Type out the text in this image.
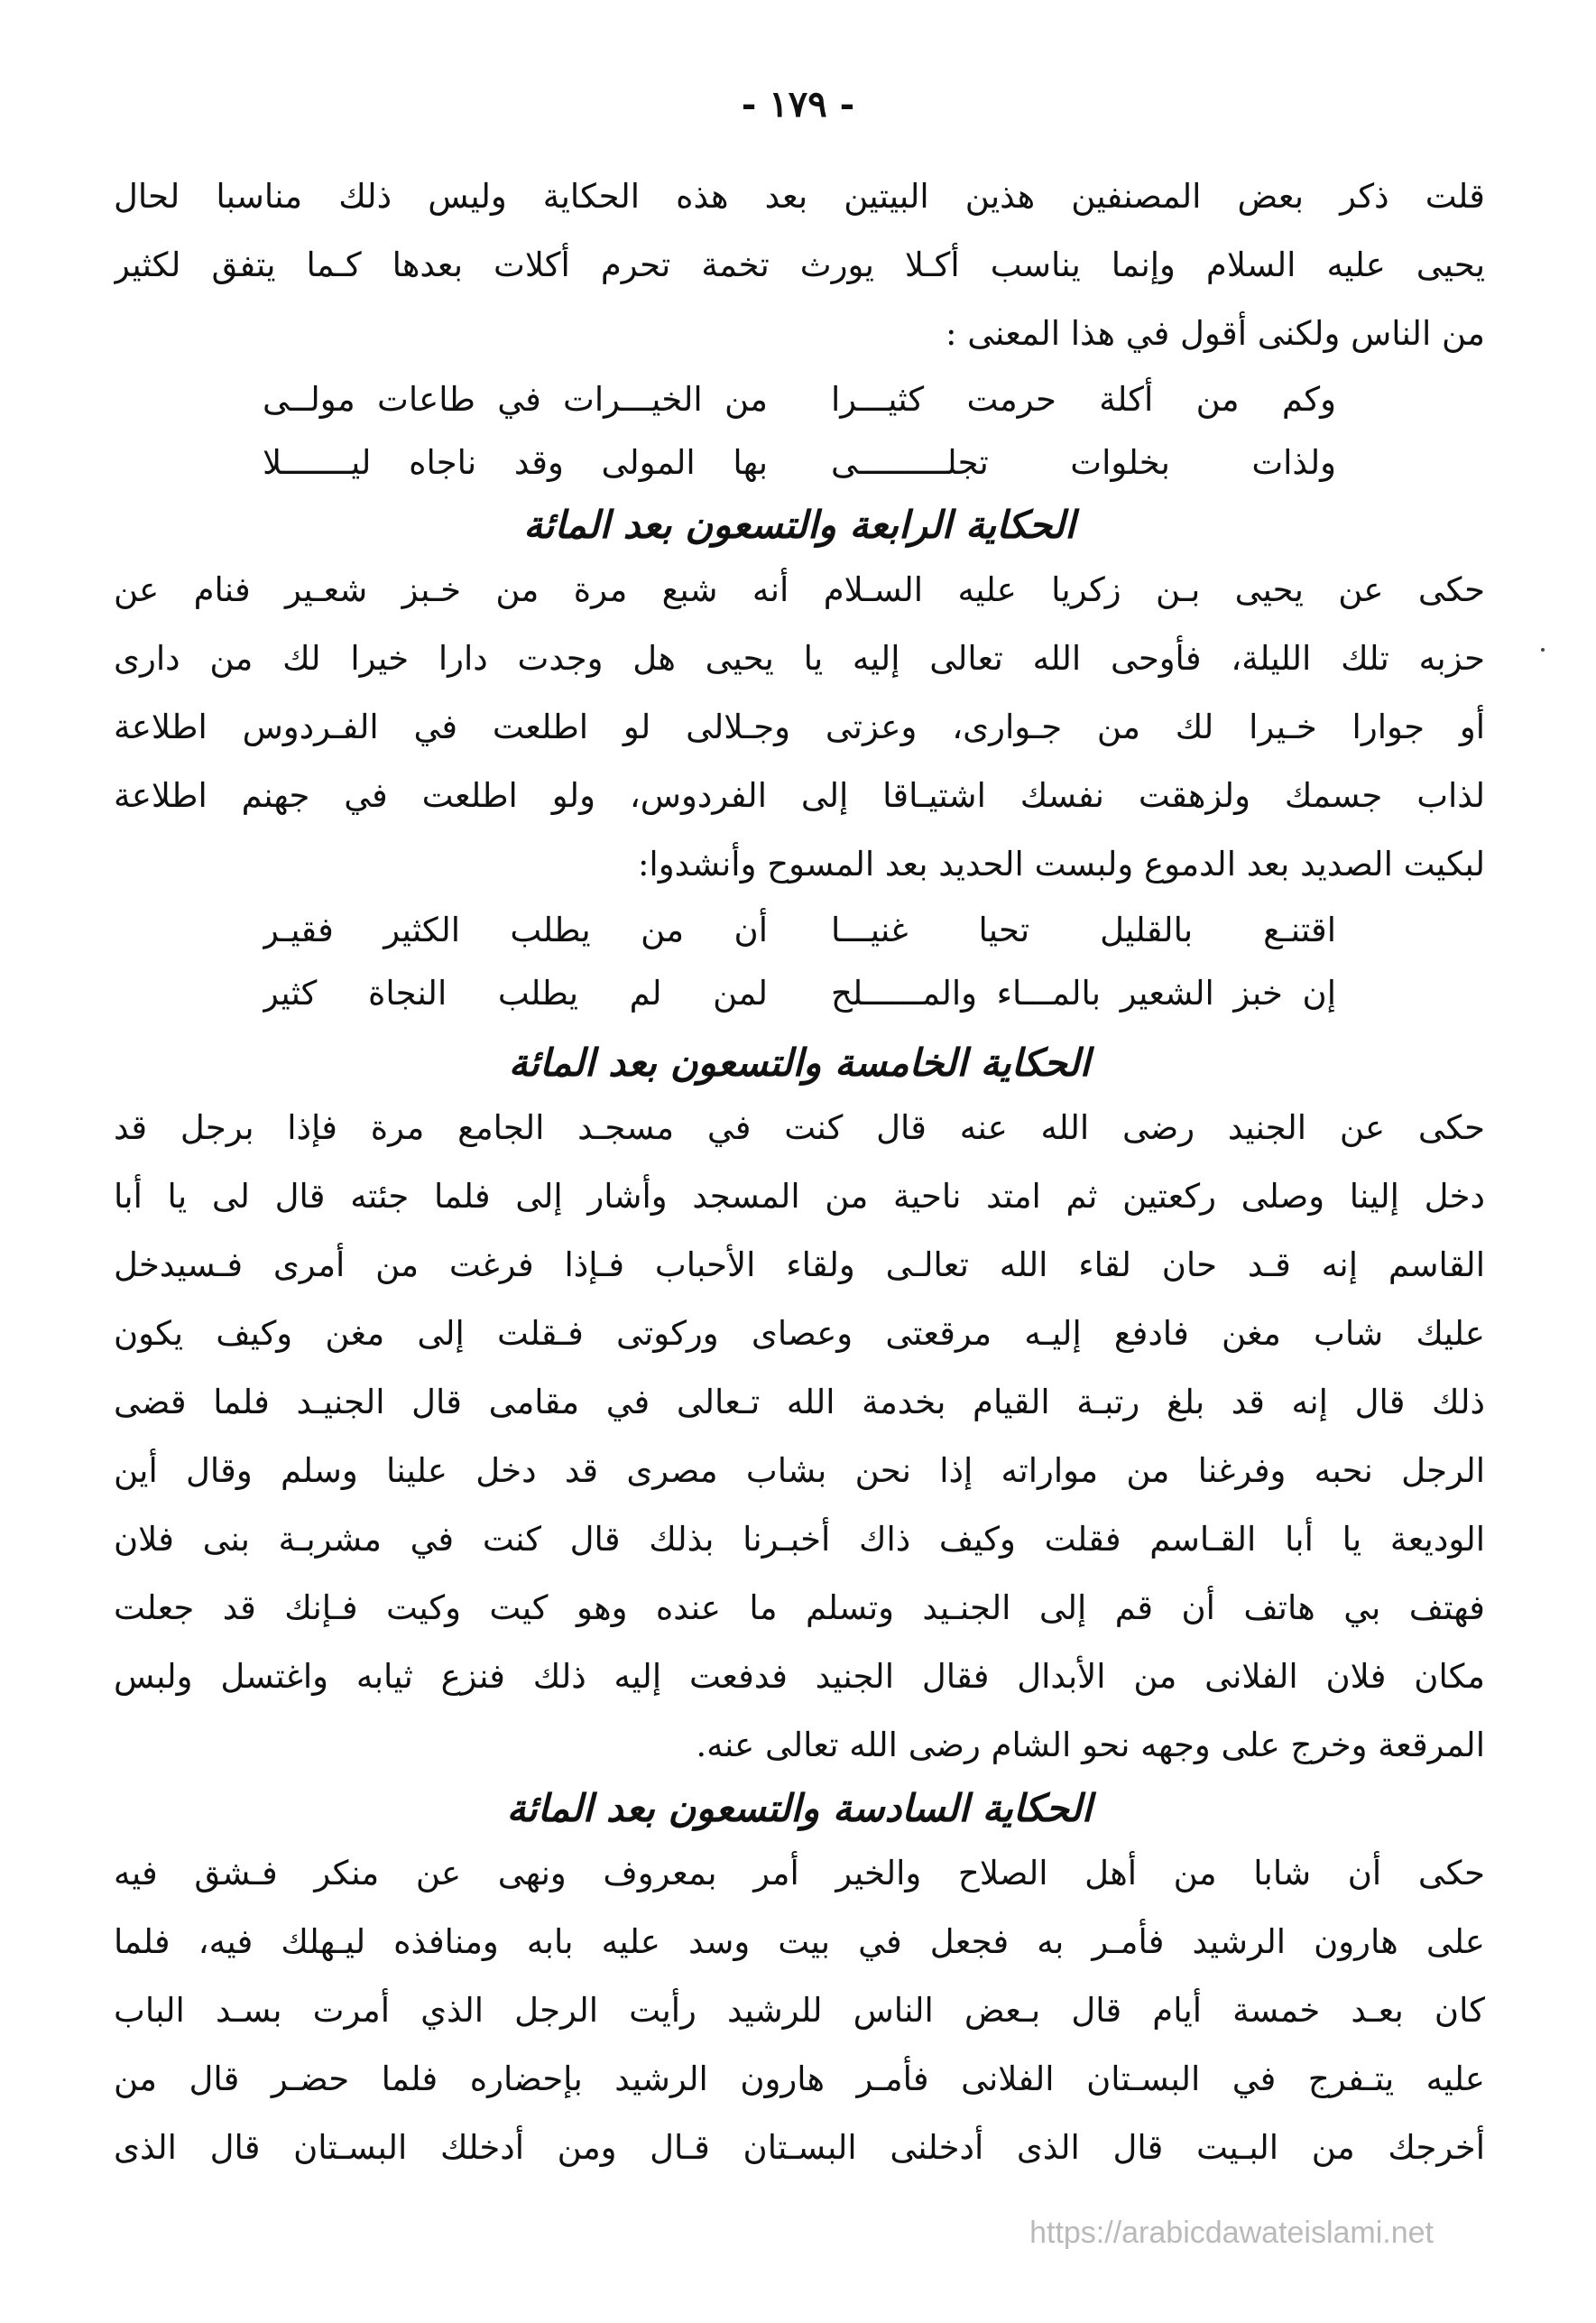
- ١٧٩ -
قلت ذكر بعض المصنفين هذين البيتين بعد هذه الحكاية وليس ذلك مناسبا لحال
يحيى عليه السلام وإنما يناسب أكـلا يورث تخمة تحرم أكلات بعدها كـما يتفق لكثير
من الناس ولكنى أقول في هذا المعنى :
وكم من أكلة حرمت كثيـــرا
من الخيـــرات في طاعات مولــى
ولذات بخلوات تجلـــــــــى
بها المولى وقد ناجاه ليـــــــلا
الحكاية الرابعة والتسعون بعد المائة
حكى عن يحيى بـن زكريا عليه السـلام أنه شبع مرة من خـبز شعـير فنام عن
حزبه تلك الليلة، فأوحى الله تعالى إليه يا يحيى هل وجدت دارا خيرا لك من دارى
أو جوارا خـيرا لك من جـوارى، وعزتى وجـلالى لو اطلعت في الفـردوس اطلاعة
لذاب جسمك ولزهقت نفسك اشتيـاقا إلى الفردوس، ولو اطلعت في جهنم اطلاعة
لبكيت الصديد بعد الدموع ولبست الحديد بعد المسوح وأنشدوا:
اقتنـع بالقليل تحيا غنيـــا
أن من يطلب الكثير فقيـر
إن خبز الشعير بالمـــاء والمــــــلح
لمن لم يطلب النجاة كثير
الحكاية الخامسة والتسعون بعد المائة
حكى عن الجنيد رضى الله عنه قال كنت في مسجـد الجامع مرة فإذا برجل قد
دخل إلينا وصلى ركعتين ثم امتد ناحية من المسجد وأشار إلى فلما جئته قال لى يا أبا
القاسم إنه قـد حان لقاء الله تعالـى ولقاء الأحباب فـإذا فرغت من أمرى فـسيدخل
عليك شاب مغن فادفع إليـه مرقعتى وعصاى وركوتى فـقلت إلى مغن وكيف يكون
ذلك قال إنه قد بلغ رتبـة القيام بخدمة الله تـعالى في مقامى قال الجنيـد فلما قضى
الرجل نحبه وفرغنا من مواراته إذا نحن بشاب مصرى قد دخل علينا وسلم وقال أين
الوديعة يا أبا القـاسم فقلت وكيف ذاك أخبـرنا بذلك قال كنت في مشربـة بنى فلان
فهتف بي هاتف أن قم إلى الجنـيد وتسلم ما عنده وهو كيت وكيت فـإنك قد جعلت
مكان فلان الفلانى من الأبدال فقال الجنيد فدفعت إليه ذلك فنزع ثيابه واغتسل ولبس
المرقعة وخرج على وجهه نحو الشام رضى الله تعالى عنه.
الحكاية السادسة والتسعون بعد المائة
حكى أن شابا من أهل الصلاح والخير أمر بمعروف ونهى عن منكر فـشق فيه
على هارون الرشيد فأمـر به فجعل في بيت وسد عليه بابه ومنافذه ليـهلك فيه، فلما
كان بعـد خمسة أيام قال بـعض الناس للرشيد رأيت الرجل الذي أمرت بسـد الباب
عليه يتـفرج في البسـتان الفلانى فأمـر هارون الرشيد بإحضاره فلما حضـر قال من
أخرجك من البـيت قال الذى أدخلنى البسـتان قـال ومن أدخلك البسـتان قال الذى
https://arabicdawateislami.net
